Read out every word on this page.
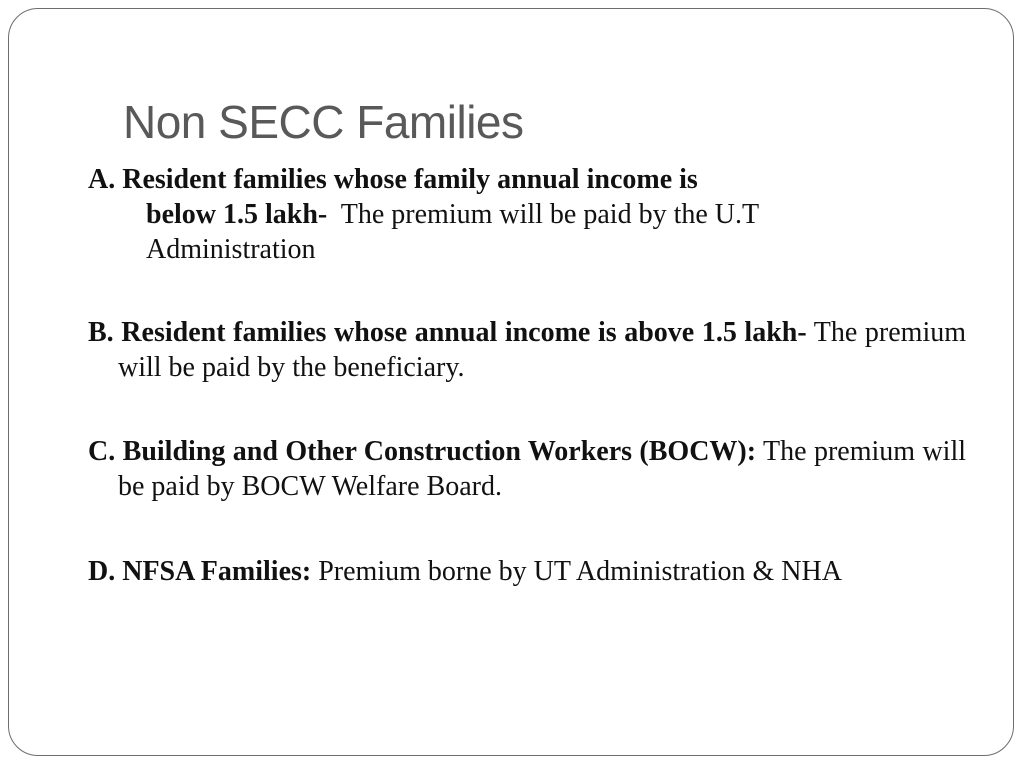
Non SECC Families

A. Resident families whose family annual income is
below 1.5 lakh- The premium will be paid by the U.T
Administration

B. Resident families whose annual income is above 1.5 lakh- The premium will be paid by the beneficiary.

C. Building and Other Construction Workers (BOCW): The premium will be paid by BOCW Welfare Board.

D. NFSA Families: Premium borne by UT Administration & NHA
